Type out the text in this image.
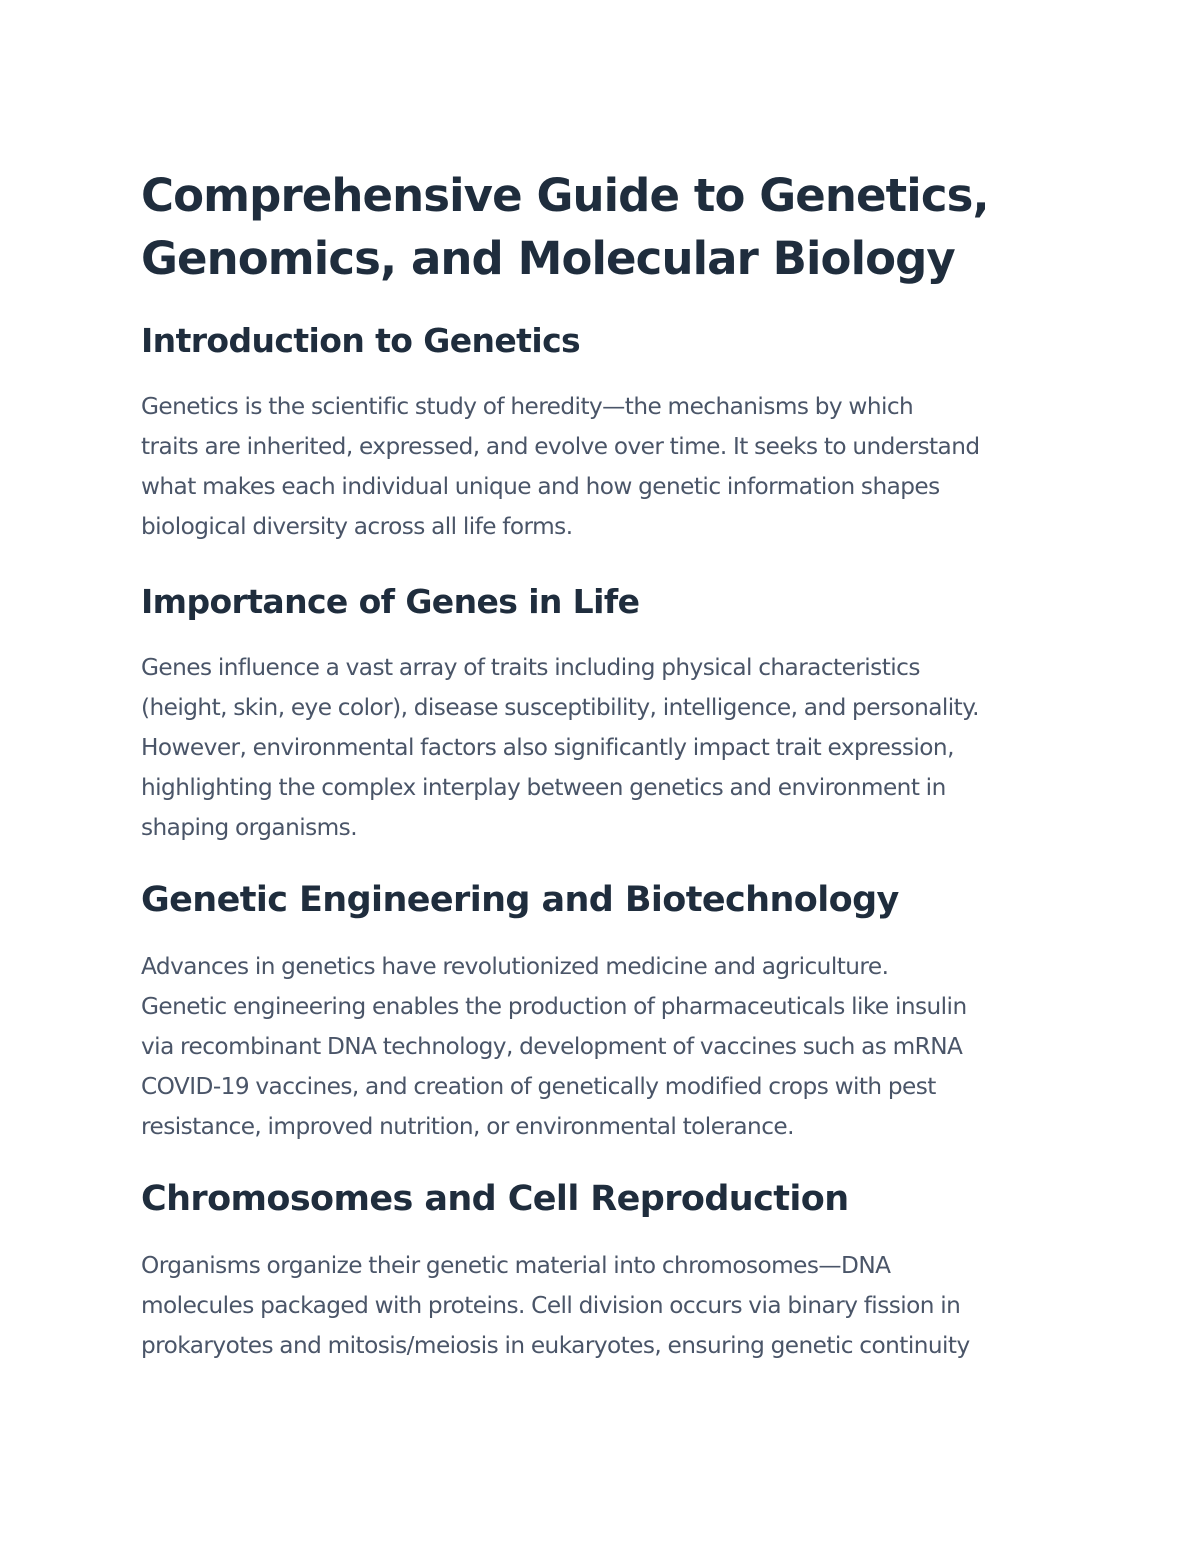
Comprehensive Guide to Genetics,
Genomics, and Molecular Biology
Introduction to Genetics

Genetics is the scientific study of heredity—the mechanisms by which
traits are inherited, expressed, and evolve over time. It seeks to understand
what makes each individual unique and how genetic information shapes
biological diversity across all life forms.

Importance of Genes in Life

Genes influence a vast array of traits including physical characteristics
(height, skin, eye color), disease susceptibility, intelligence, and personality.
However, environmental factors also significantly impact trait expression,
highlighting the complex interplay between genetics and environment in
shaping organisms.

Genetic Engineering and Biotechnology

Advances in genetics have revolutionized medicine and agriculture.
Genetic engineering enables the production of pharmaceuticals like insulin
via recombinant DNA technology, development of vaccines such as mRNA
COVID-19 vaccines, and creation of genetically modified crops with pest
resistance, improved nutrition, or environmental tolerance.

Chromosomes and Cell Reproduction

Organisms organize their genetic material into chromosomes—DNA
molecules packaged with proteins. Cell division occurs via binary fission in
prokaryotes and mitosis/meiosis in eukaryotes, ensuring genetic continuity
